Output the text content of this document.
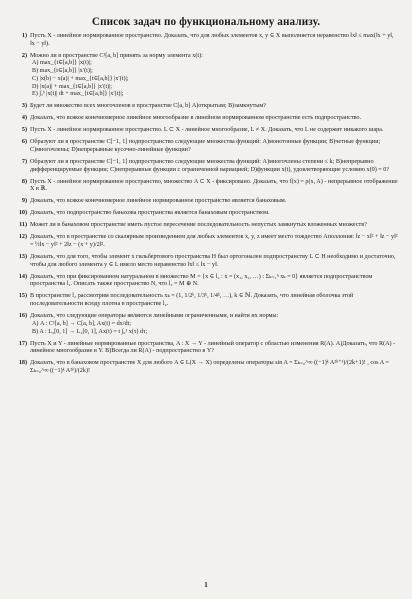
Список задач по функциональному анализу.
1) Пусть X - линейное нормированное пространство. Доказать, что для любых элементов x, y ∈ X выполняется неравенство ‖x‖ ≤ max(‖x + y‖, ‖x − y‖).
2) Можно ли в пространстве C¹[a, b] принять за норму элемента x(t):
A) max_{t∈[a,b]} |x(t)|;
B) max_{t∈[a,b]} |x′(t)|;
C) |x(b) − x(a)| + max_{t∈[a,b]} |x′(t)|;
D) |x(a)| + max_{t∈[a,b]} |x′(t)|;
E) ∫ₐᵇ |x(t)| dt + max_{t∈[a,b]} |x′(t)|;
3) Будет ли множество всех многочленов в пространстве C[a, b] А)открытым; В)замкнутым?
4) Доказать, что всякое конечномерное линейное многообразие в линейном нормированном пространстве есть подпространство.
5) Пусть X - линейное нормированное пространство. L ⊂ X - линейное многообразие, L ≠ X. Доказать, что L не содержит никакого шара.
6) Образуют ли в пространстве C[−1, 1] подпространство следующие множества функций: А)монотонные функции; B)четные функции; C)многочлены; D)непрерывные кусочно-линейные функции?
7) Образуют ли в пространстве C[−1, 1] подпространство следующие множества функций: А)многочлены степени ≤ k; B)непрерывно дифференцируемые функции; C)непрерывные функции с ограниченной вариацией; D)функции x(t), удовлетворяющие условию x(0) = 0?
8) Пусть X - линейное нормированное пространство, множество A ⊂ X - фиксировано. Доказать, что f(x) = ρ(x, A) - непрерывное отображение X в ℝ.
9) Доказать, что всякое конечномерное линейное нормированное пространство является банаховым.
10) Доказать, что подпространство банахова пространства является банаховым пространством.
11) Может ли в банаховом пространстве иметь пустое пересечение последовательность непустых замкнутых вложенных множеств?
12) Доказать, что в пространстве со скалярным произведением для любых элементов x, y, z имеет место тождество Аполлония: ‖z − x‖² + ‖z − y‖² = ½‖x − y‖² + 2‖z − (x + y)/2‖².
13) Доказать, что для того, чтобы элемент x гильбертового пространства H был ортогонален подпространству L ⊂ H необходимо и достаточно, чтобы для любого элемента y ∈ L имело место неравенство ‖x‖ ≤ ‖x − y‖.
14) Доказать, что при фиксированном натуральном n множество M = {x ∈ l₂ : x = (x₁, x₂, …) : Σₖ₌₁ⁿ xₖ = 0} является подпространством пространства l₂. Описать также пространство N, что l₂ = M ⊕ N.
15) В пространстве l₂ рассмотрим последовательность xₖ = (1, 1/2ᵏ, 1/3ᵏ, 1/4ᵏ, …), k ∈ ℕ. Доказать, что линейная оболочка этой последовательности всюду плотна в пространстве l₂.
16) Доказать, что следующие операторы являются линейными ограниченными, и найти их нормы:
А) A : C¹[a, b] → C[a, b], Ax(t) = dx/dt;
B) A : L₂[0, 1] → L₂[0, 1], Ax(t) = t ∫₀¹ x(τ) dτ;
17) Пусть X и Y - линейные нормированные пространства, A : X → Y - линейный оператор с областью изменения R(A). А)Доказать, что R(A) - линейное многообразие в Y. B)Всегда ли R(A) - подпространство в Y?
18) Доказать, что в банаховом пространстве X для любого A ∈ L(X → X) определены операторы sin A = Σₖ₌₀^∞ ((−1)ᵏ A²ᵏ⁺¹)/(2k+1)! , cos A = Σₖ₌₀^∞ ((−1)ᵏ A²ᵏ)/(2k)!
1
